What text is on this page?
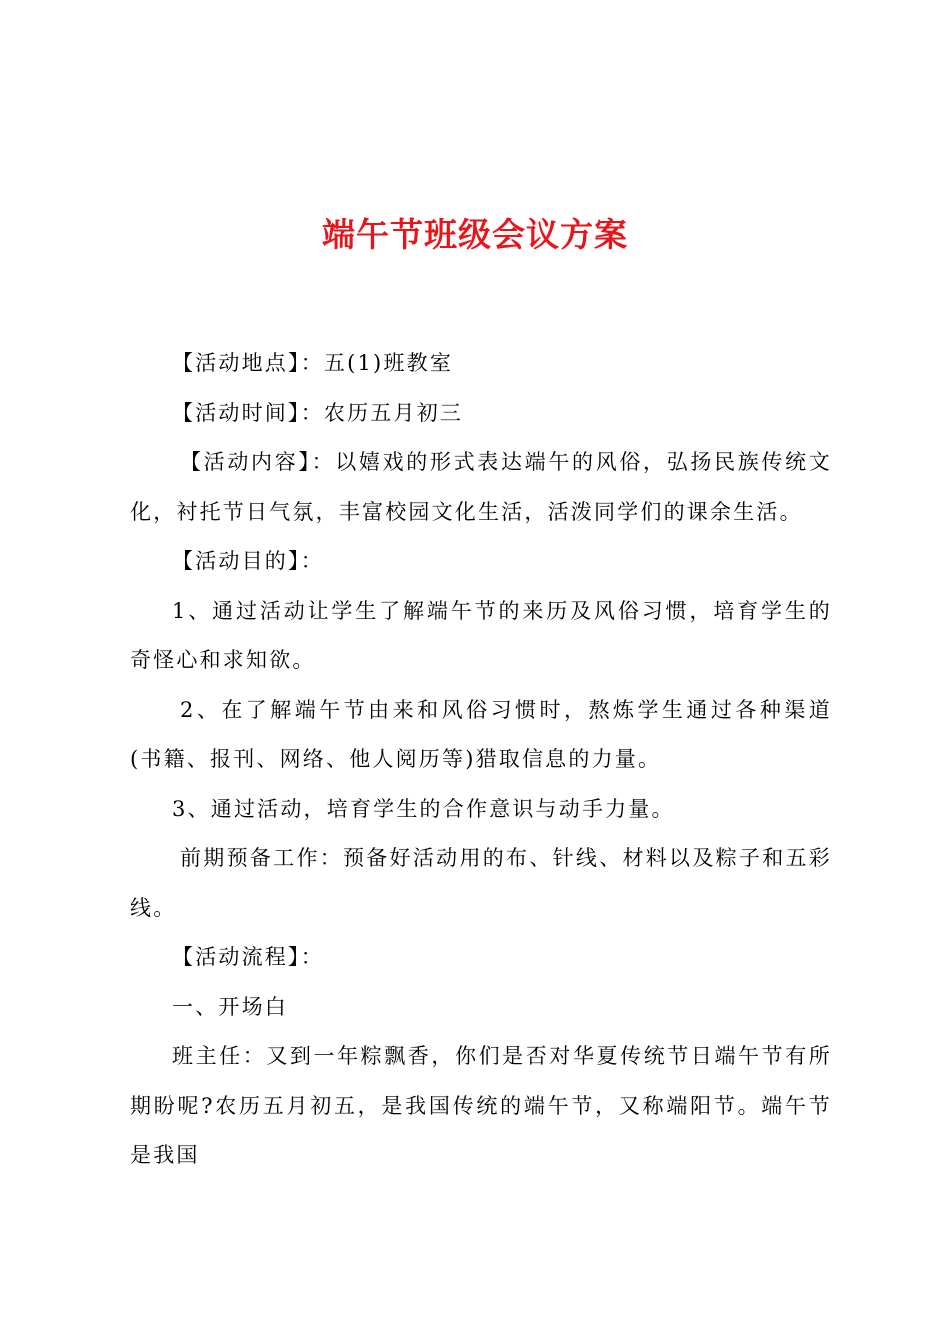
端午节班级会议方案

【活动地点】：五(1)班教室

【活动时间】：农历五月初三

【活动内容】：以嬉戏的形式表达端午的风俗，弘扬民族传统文化，衬托节日气氛，丰富校园文化生活，活泼同学们的课余生活。

【活动目的】：

1、通过活动让学生了解端午节的来历及风俗习惯，培育学生的奇怪心和求知欲。

2、在了解端午节由来和风俗习惯时，熬炼学生通过各种渠道(书籍、报刊、网络、他人阅历等)猎取信息的力量。

3、通过活动，培育学生的合作意识与动手力量。

前期预备工作：预备好活动用的布、针线、材料以及粽子和五彩线。

【活动流程】：

一、开场白

班主任：又到一年粽飘香，你们是否对华夏传统节日端午节有所期盼呢?农历五月初五，是我国传统的端午节，又称端阳节。端午节是我国
